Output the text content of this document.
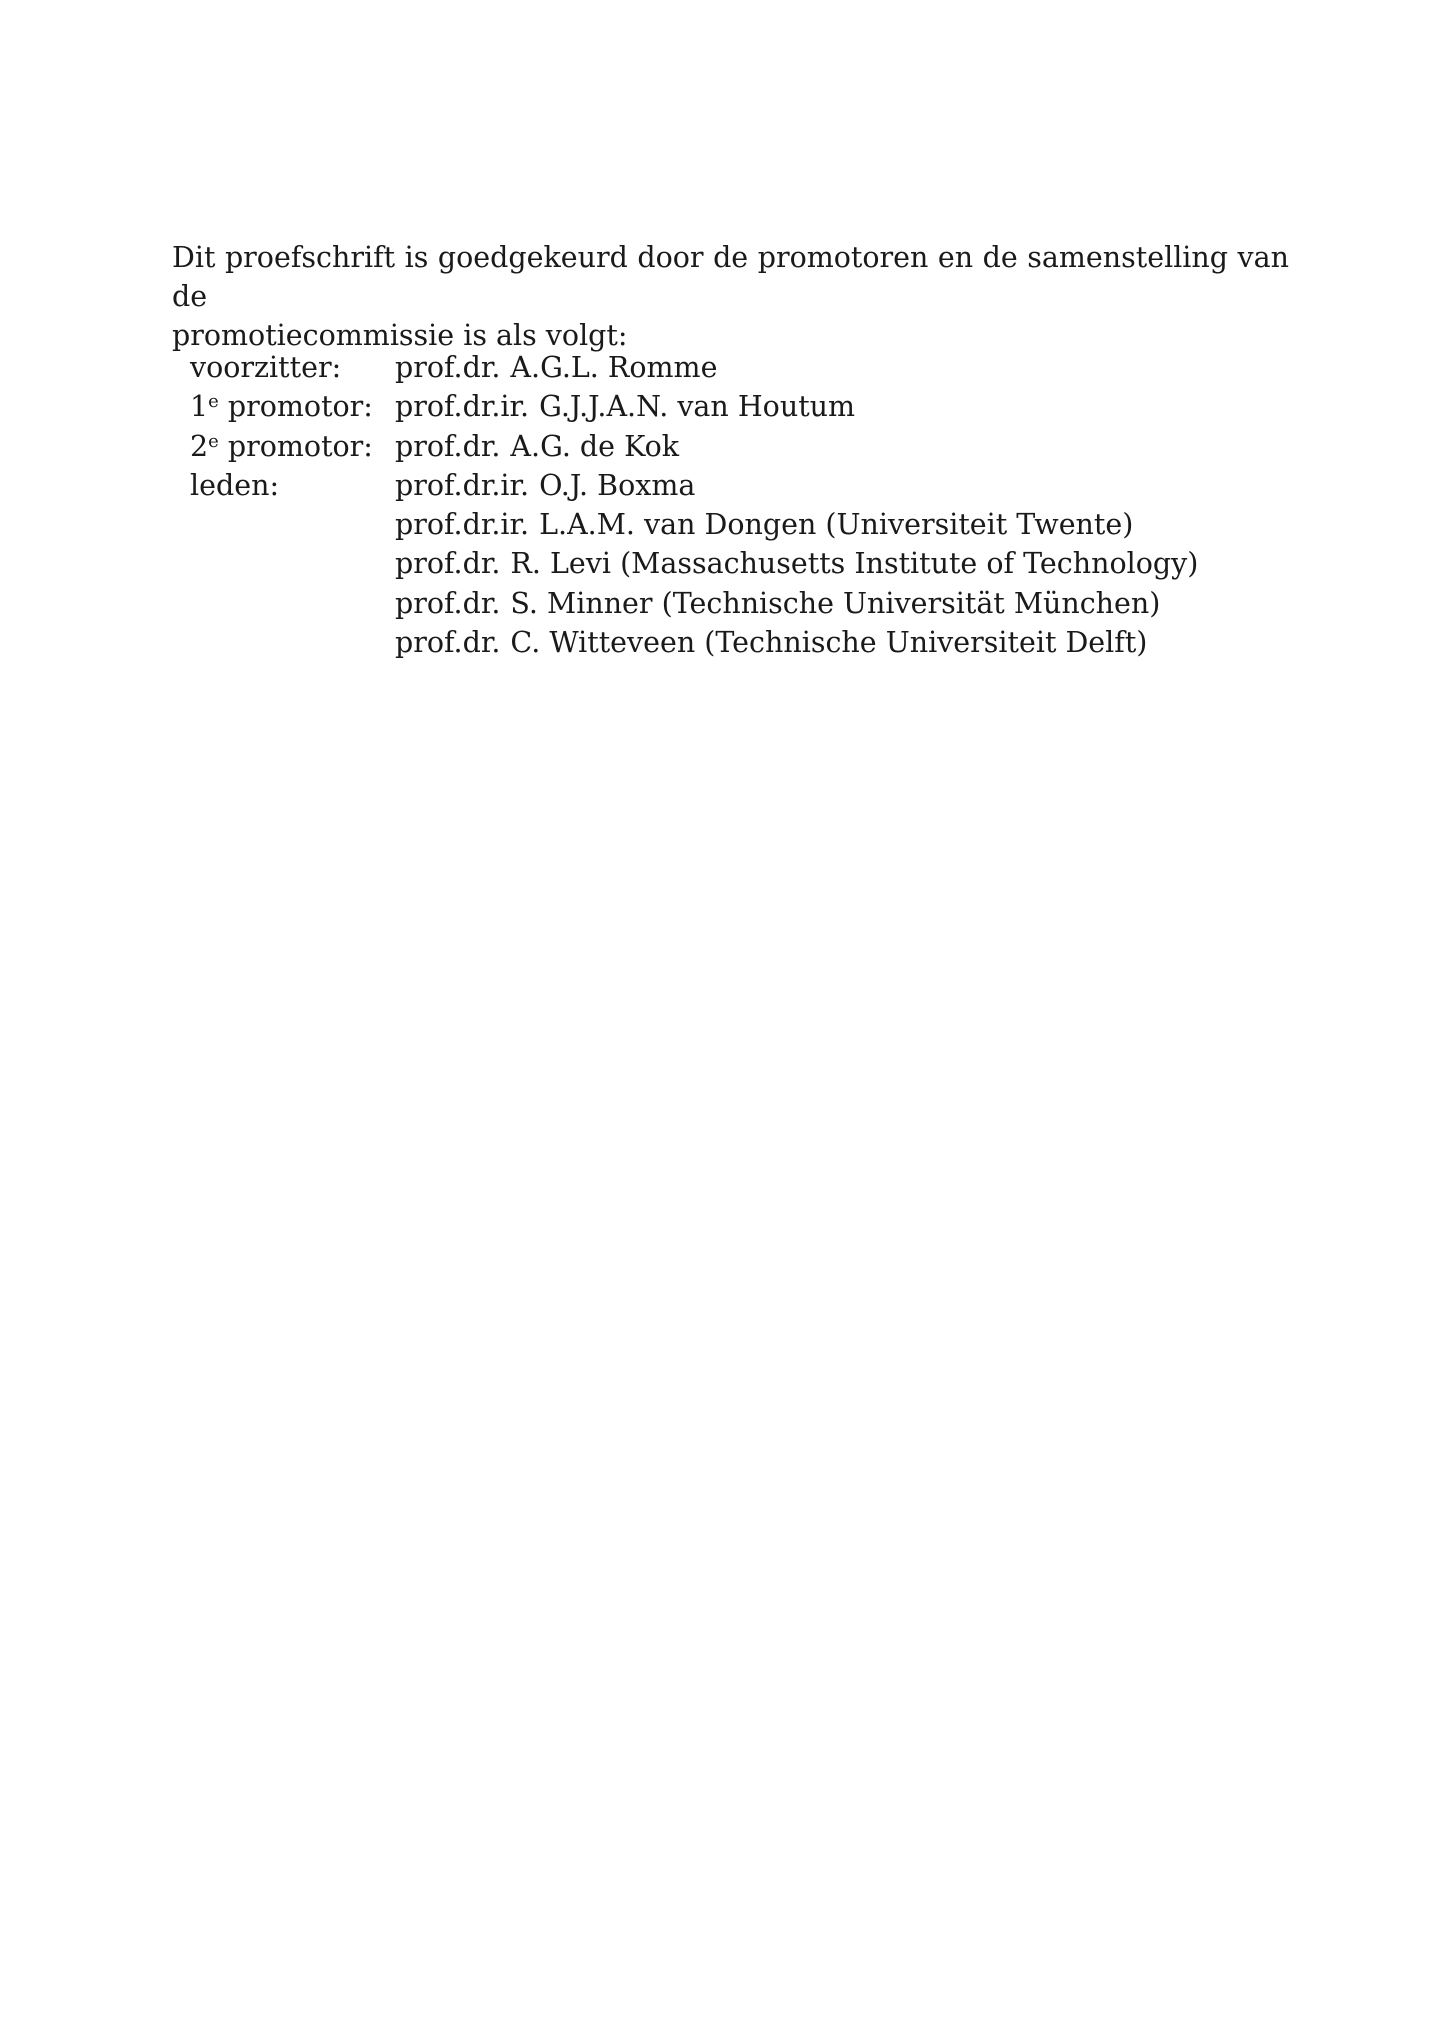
Dit proefschrift is goedgekeurd door de promotoren en de samenstelling van de
promotiecommissie is als volgt:

voorzitter:	prof.dr. A.G.L. Romme
1e promotor: prof.dr.ir. G.J.J.A.N. van Houtum
2e promotor: prof.dr. A.G. de Kok
leden:	prof.dr.ir. O.J. Boxma
prof.dr.ir. L.A.M. van Dongen (Universiteit Twente)
prof.dr. R. Levi (Massachusetts Institute of Technology)
prof.dr. S. Minner (Technische Universität München)
prof.dr. C. Witteveen (Technische Universiteit Delft)
